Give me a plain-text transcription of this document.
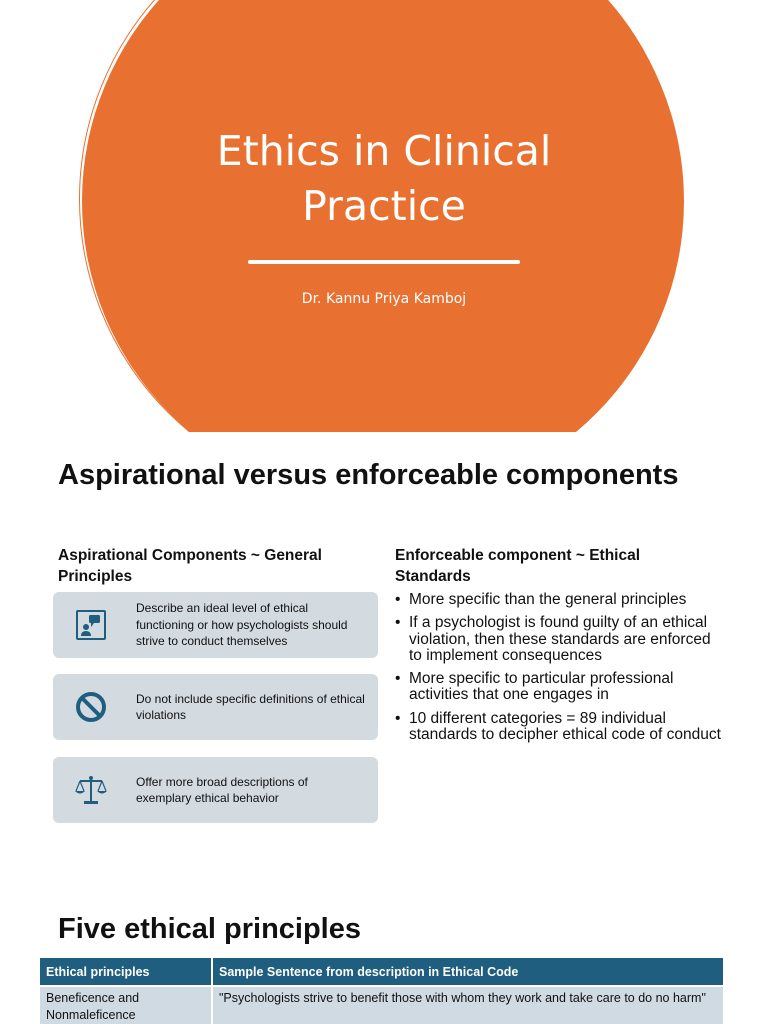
Ethics in Clinical Practice
Dr. Kannu Priya Kamboj
Aspirational versus enforceable components
Aspirational Components ~ General Principles
Enforceable component ~ Ethical Standards
Describe an ideal level of ethical functioning or how psychologists should strive to conduct themselves
Do not include specific definitions of ethical violations
Offer more broad descriptions of exemplary ethical behavior
• More specific than the general principles
• If a psychologist is found guilty of an ethical violation, then these standards are enforced to implement consequences
• More specific to particular professional activities that one engages in
• 10 different categories = 89 individual standards to decipher ethical code of conduct
Five ethical principles
Ethical principles	Sample Sentence from description in Ethical Code
Beneficence and Nonmaleficence	"Psychologists strive to benefit those with whom they work and take care to do no harm"
